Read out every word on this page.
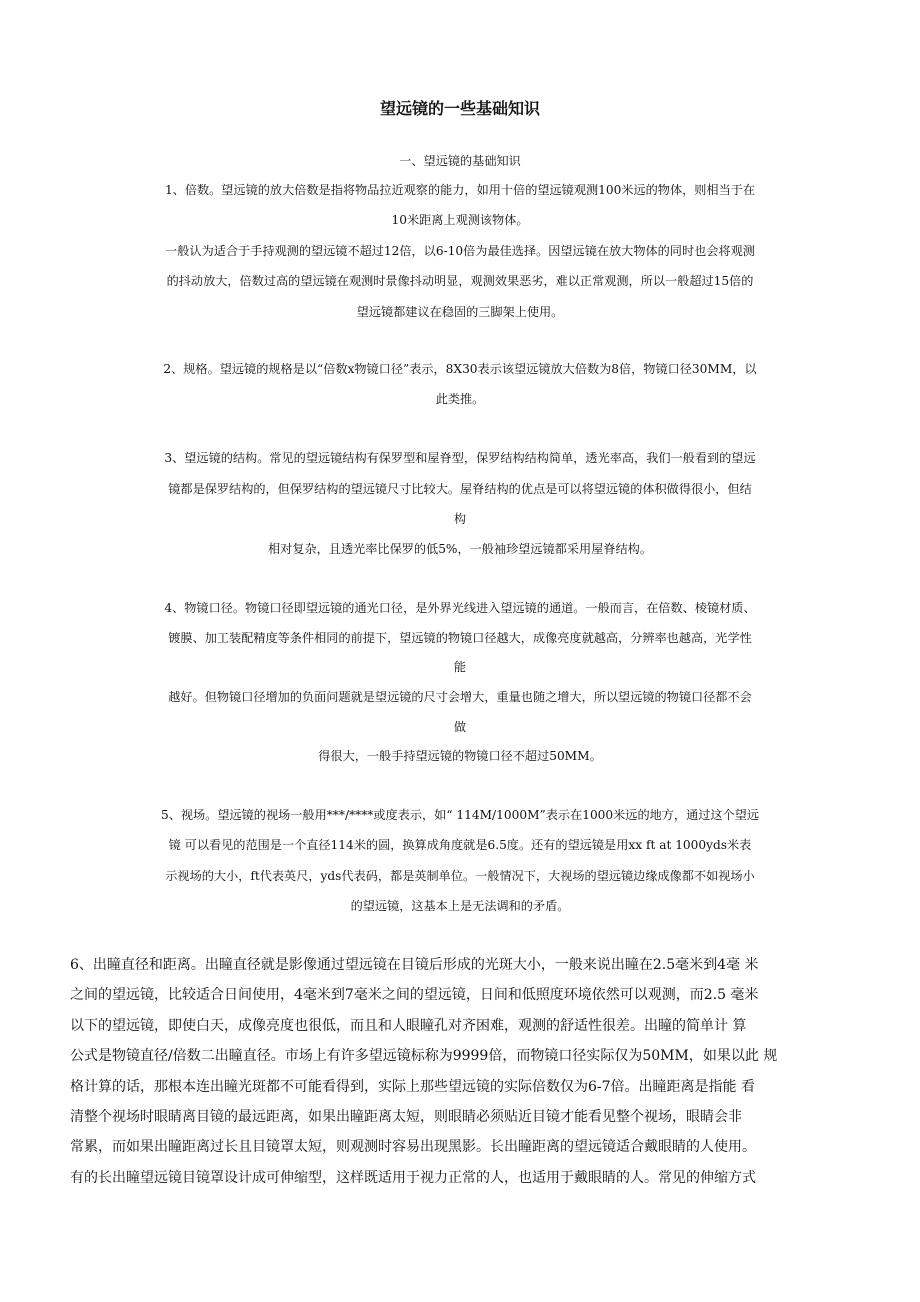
望远镜的一些基础知识
一、望远镜的基础知识
1、倍数。望远镜的放大倍数是指将物品拉近观察的能力，如用十倍的望远镜观测100米远的物体，则相当于在
10米距离上观测该物体。
一般认为适合于手持观测的望远镜不超过12倍，以6-10倍为最佳选择。因望远镜在放大物体的同时也会将观测
的抖动放大，倍数过高的望远镜在观测时景像抖动明显，观测效果恶劣，难以正常观测，所以一般超过15倍的
望远镜都建议在稳固的三脚架上使用。
2、规格。望远镜的规格是以“倍数x物镜口径”表示，8X30表示该望远镜放大倍数为8倍，物镜口径30MM，以
此类推。
3、望远镜的结构。常见的望远镜结构有保罗型和屋脊型，保罗结构结构简单，透光率高，我们一般看到的望远
镜都是保罗结构的，但保罗结构的望远镜尺寸比较大。屋脊结构的优点是可以将望远镜的体积做得很小，但结
构
相对复杂，且透光率比保罗的低5%，一般袖珍望远镜都采用屋脊结构。
4、物镜口径。物镜口径即望远镜的通光口径，是外界光线进入望远镜的通道。一般而言，在倍数、棱镜材质、
镀膜、加工装配精度等条件相同的前提下，望远镜的物镜口径越大，成像亮度就越高，分辨率也越高，光学性
能
越好。但物镜口径增加的负面问题就是望远镜的尺寸会增大，重量也随之增大，所以望远镜的物镜口径都不会
做
得很大，一般手持望远镜的物镜口径不超过50MM。
5、视场。望远镜的视场一般用***/****或度表示，如“ 114M/1000M”表示在1000米远的地方，通过这个望远
镜 可以看见的范围是一个直径114米的圆，换算成角度就是6.5度。还有的望远镜是用xx ft at 1000yds米表
示视场的大小，ft代表英尺，yds代表码，都是英制单位。一般情况下，大视场的望远镜边缘成像都不如视场小
的望远镜，这基本上是无法调和的矛盾。
6、出瞳直径和距离。出瞳直径就是影像通过望远镜在目镜后形成的光斑大小，一般来说出瞳在2.5毫米到4毫 米
之间的望远镜，比较适合日间使用，4毫米到7毫米之间的望远镜，日间和低照度环境依然可以观测，而2.5 毫米
以下的望远镜，即使白天，成像亮度也很低，而且和人眼瞳孔对齐困难，观测的舒适性很差。出瞳的简单计 算
公式是物镜直径/倍数二出瞳直径。市场上有许多望远镜标称为9999倍，而物镜口径实际仅为50MM，如果以此 规
格计算的话，那根本连出瞳光斑都不可能看得到，实际上那些望远镜的实际倍数仅为6-7倍。出瞳距离是指能 看
清整个视场时眼睛离目镜的最远距离，如果出瞳距离太短，则眼睛必须贴近目镜才能看见整个视场，眼睛会非
常累，而如果出瞳距离过长且目镜罩太短，则观测时容易出现黑影。长出瞳距离的望远镜适合戴眼睛的人使用。
有的长出瞳望远镜目镜罩设计成可伸缩型，这样既适用于视力正常的人，也适用于戴眼睛的人。常见的伸缩方式
